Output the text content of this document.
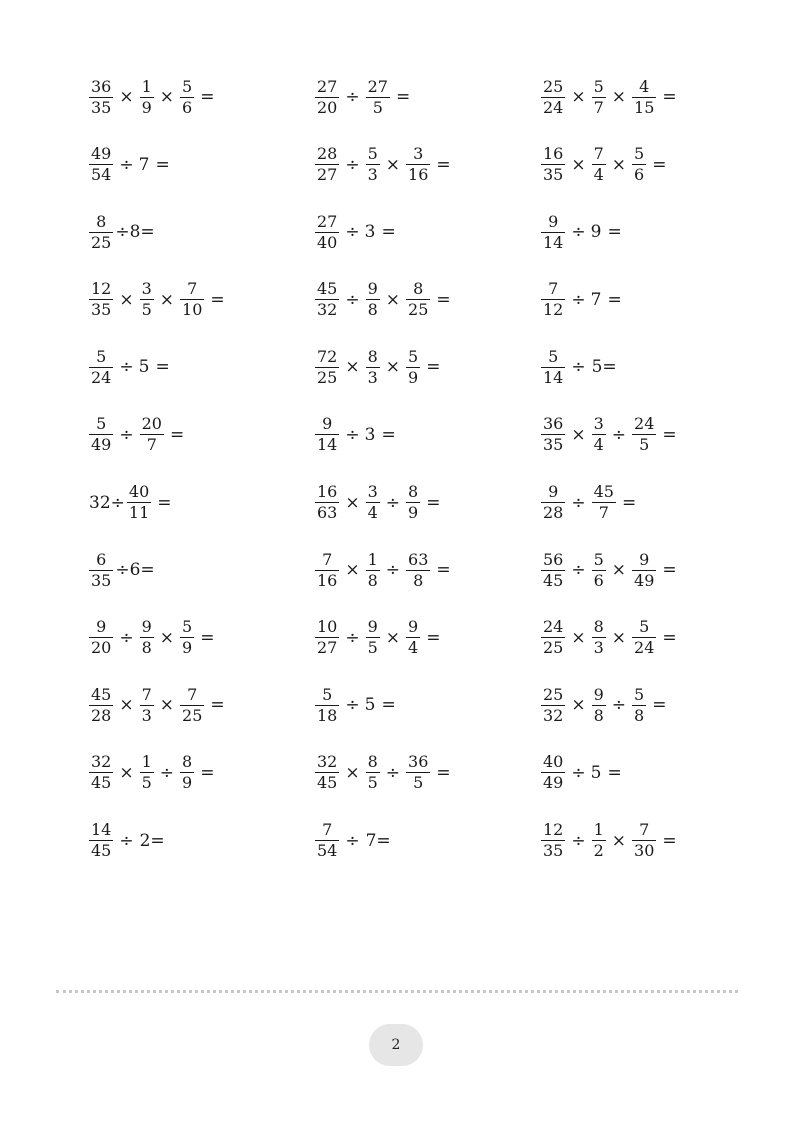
$\frac{36}{35} \times \frac{1}{9} \times \frac{5}{6}$ =	$\frac{27}{20} \div \frac{27}{5}$ =	$\frac{25}{24} \times \frac{5}{7} \times \frac{4}{15}$ =
$\frac{49}{54} \div 7$ =	$\frac{28}{27} \div \frac{5}{3} \times \frac{3}{16}$ =	$\frac{16}{35} \times \frac{7}{4} \times \frac{5}{6}$ =
$\frac{8}{25} \div 8=$	$\frac{27}{40} \div 3$ =	$\frac{9}{14} \div 9$ =
$\frac{12}{35} \times \frac{3}{5} \times \frac{7}{10}$ =	$\frac{45}{32} \div \frac{9}{8} \times \frac{8}{25}$ =	$\frac{7}{12} \div 7$ =
$\frac{5}{24} \div 5$ =	$\frac{72}{25} \times \frac{8}{3} \times \frac{5}{9}$ =	$\frac{5}{14} \div 5=$
$\frac{5}{49} \div \frac{20}{7}$ =	$\frac{9}{14} \div 3$ =	$\frac{36}{35} \times \frac{3}{4} \div \frac{24}{5}$ =
$32\div \frac{40}{11}$ =	$\frac{16}{63} \times \frac{3}{4} \div \frac{8}{9}$ =	$\frac{9}{28} \div \frac{45}{7}$ =
$\frac{6}{35} \div 6=$	$\frac{7}{16} \times \frac{1}{8} \div \frac{63}{8}$ =	$\frac{56}{45} \div \frac{5}{6} \times \frac{9}{49}$ =
$\frac{9}{20} \div \frac{9}{8} \times \frac{5}{9}$ =	$\frac{10}{27} \div \frac{9}{5} \times \frac{9}{4}$ =	$\frac{24}{25} \times \frac{8}{3} \times \frac{5}{24}$ =
$\frac{45}{28} \times \frac{7}{3} \times \frac{7}{25}$ =	$\frac{5}{18} \div 5$ =	$\frac{25}{32} \times \frac{9}{8} \div \frac{5}{8}$ =
$\frac{32}{45} \times \frac{1}{5} \div \frac{8}{9}$ =	$\frac{32}{45} \times \frac{8}{5} \div \frac{36}{5}$ =	$\frac{40}{49} \div 5$ =
$\frac{14}{45} \div 2=$	$\frac{7}{54} \div 7=$	$\frac{12}{35} \div \frac{1}{2} \times \frac{7}{30}$ =
2
